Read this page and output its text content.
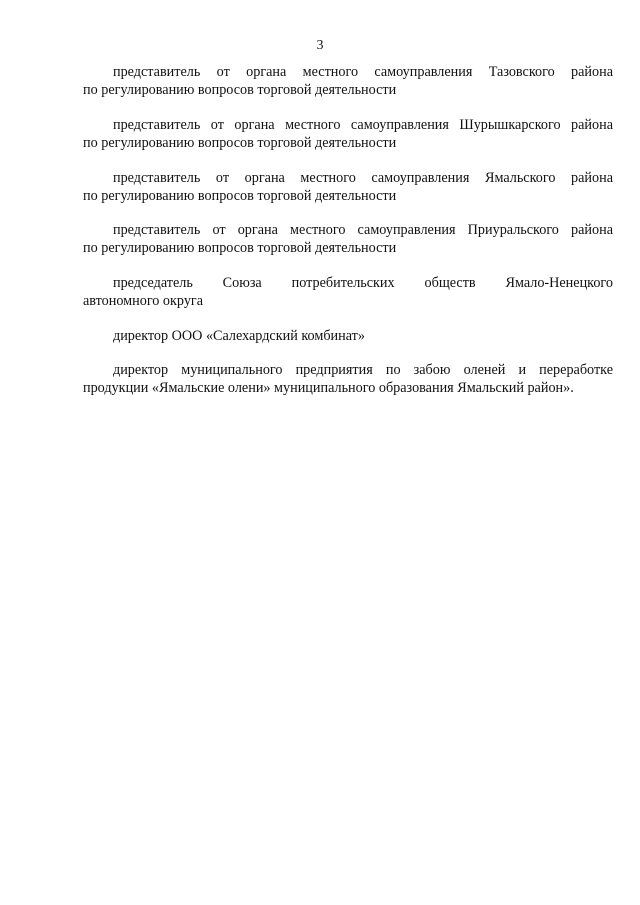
3
представитель от органа местного самоуправления Тазовского района
по регулированию вопросов торговой деятельности
представитель от органа местного самоуправления Шурышкарского района
по регулированию вопросов торговой деятельности
представитель от органа местного самоуправления Ямальского района
по регулированию вопросов торговой деятельности
представитель от органа местного самоуправления Приуральского района
по регулированию вопросов торговой деятельности
председатель Союза потребительских обществ Ямало-Ненецкого
автономного округа
директор ООО «Салехардский комбинат»
директор муниципального предприятия по забою оленей и переработке
продукции «Ямальские олени» муниципального образования Ямальский район».
